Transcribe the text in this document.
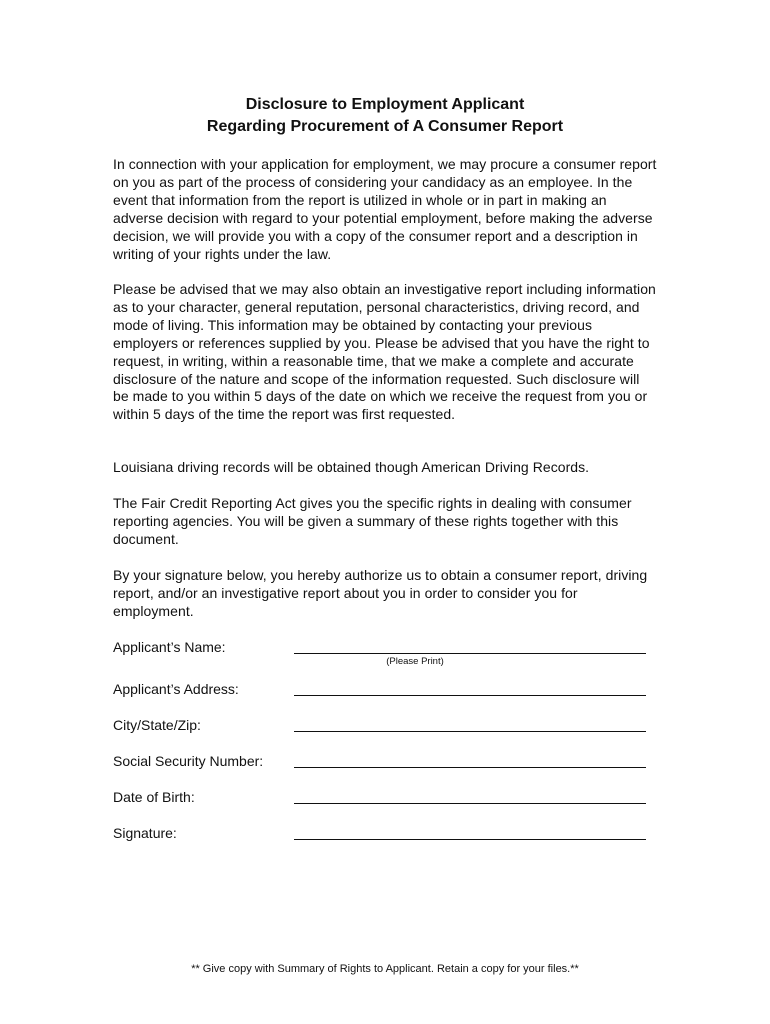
Disclosure to Employment Applicant
Regarding Procurement of A Consumer Report

In connection with your application for employment, we may procure a consumer report on you as part of the process of considering your candidacy as an employee. In the event that information from the report is utilized in whole or in part in making an adverse decision with regard to your potential employment, before making the adverse decision, we will provide you with a copy of the consumer report and a description in writing of your rights under the law.

Please be advised that we may also obtain an investigative report including information as to your character, general reputation, personal characteristics, driving record, and mode of living. This information may be obtained by contacting your previous employers or references supplied by you. Please be advised that you have the right to request, in writing, within a reasonable time, that we make a complete and accurate disclosure of the nature and scope of the information requested. Such disclosure will be made to you within 5 days of the date on which we receive the request from you or within 5 days of the time the report was first requested.

Louisiana driving records will be obtained though American Driving Records.

The Fair Credit Reporting Act gives you the specific rights in dealing with consumer reporting agencies. You will be given a summary of these rights together with this document.

By your signature below, you hereby authorize us to obtain a consumer report, driving report, and/or an investigative report about you in order to consider you for employment.

Applicant’s Name:
(Please Print)
Applicant’s Address:
City/State/Zip:
Social Security Number:
Date of Birth:
Signature:
** Give copy with Summary of Rights to Applicant. Retain a copy for your files.**
